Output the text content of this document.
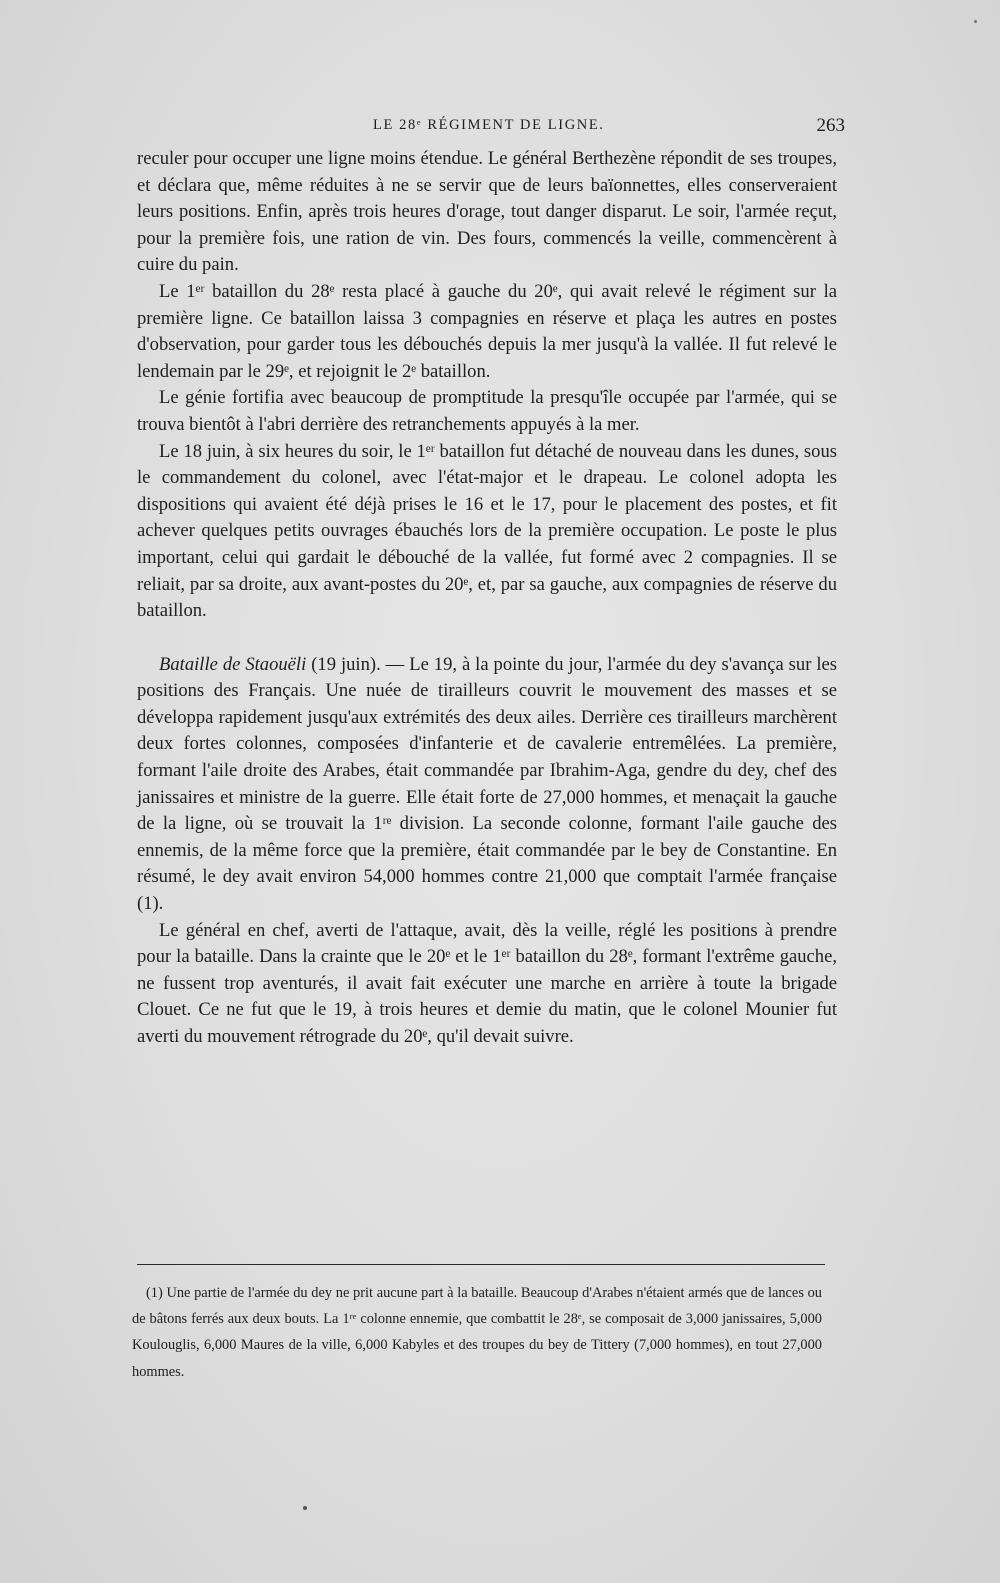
LE 28ᵉ RÉGIMENT DE LIGNE.	263

reculer pour occuper une ligne moins étendue. Le général Berthezène répondit de ses troupes, et déclara que, même réduites à ne se servir que de leurs baïonnettes, elles conserveraient leurs positions. Enfin, après trois heures d'orage, tout danger disparut. Le soir, l'armée reçut, pour la première fois, une ration de vin. Des fours, commencés la veille, commencèrent à cuire du pain.

Le 1ᵉʳ bataillon du 28ᵉ resta placé à gauche du 20ᵉ, qui avait relevé le régiment sur la première ligne. Ce bataillon laissa 3 compagnies en réserve et plaça les autres en postes d'observation, pour garder tous les débouchés depuis la mer jusqu'à la vallée. Il fut relevé le lendemain par le 29ᵉ, et rejoignit le 2ᵉ bataillon.

Le génie fortifia avec beaucoup de promptitude la presqu'île occupée par l'armée, qui se trouva bientôt à l'abri derrière des retranchements appuyés à la mer.

Le 18 juin, à six heures du soir, le 1ᵉʳ bataillon fut détaché de nouveau dans les dunes, sous le commandement du colonel, avec l'état-major et le drapeau. Le colonel adopta les dispositions qui avaient été déjà prises le 16 et le 17, pour le placement des postes, et fit achever quelques petits ouvrages ébauchés lors de la première occupation. Le poste le plus important, celui qui gardait le débouché de la vallée, fut formé avec 2 compagnies. Il se reliait, par sa droite, aux avant-postes du 20ᵉ, et, par sa gauche, aux compagnies de réserve du bataillon.

Bataille de Staouëli (19 juin). — Le 19, à la pointe du jour, l'armée du dey s'avança sur les positions des Français. Une nuée de tirailleurs couvrit le mouvement des masses et se développa rapidement jusqu'aux extrémités des deux ailes. Derrière ces tirailleurs marchèrent deux fortes colonnes, composées d'infanterie et de cavalerie entremêlées. La première, formant l'aile droite des Arabes, était commandée par Ibrahim-Aga, gendre du dey, chef des janissaires et ministre de la guerre. Elle était forte de 27,000 hommes, et menaçait la gauche de la ligne, où se trouvait la 1ʳᵉ division. La seconde colonne, formant l'aile gauche des ennemis, de la même force que la première, était commandée par le bey de Constantine. En résumé, le dey avait environ 54,000 hommes contre 21,000 que comptait l'armée française (1).

Le général en chef, averti de l'attaque, avait, dès la veille, réglé les positions à prendre pour la bataille. Dans la crainte que le 20ᵉ et le 1ᵉʳ bataillon du 28ᵉ, formant l'extrême gauche, ne fussent trop aventurés, il avait fait exécuter une marche en arrière à toute la brigade Clouet. Ce ne fut que le 19, à trois heures et demie du matin, que le colonel Mounier fut averti du mouvement rétrograde du 20ᵉ, qu'il devait suivre.

(1) Une partie de l'armée du dey ne prit aucune part à la bataille. Beaucoup d'Arabes n'étaient armés que de lances ou de bâtons ferrés aux deux bouts. La 1ʳᵉ colonne ennemie, que combattit le 28ᵉ, se composait de 3,000 janissaires, 5,000 Koulouglis, 6,000 Maures de la ville, 6,000 Kabyles et des troupes du bey de Tittery (7,000 hommes), en tout 27,000 hommes.
